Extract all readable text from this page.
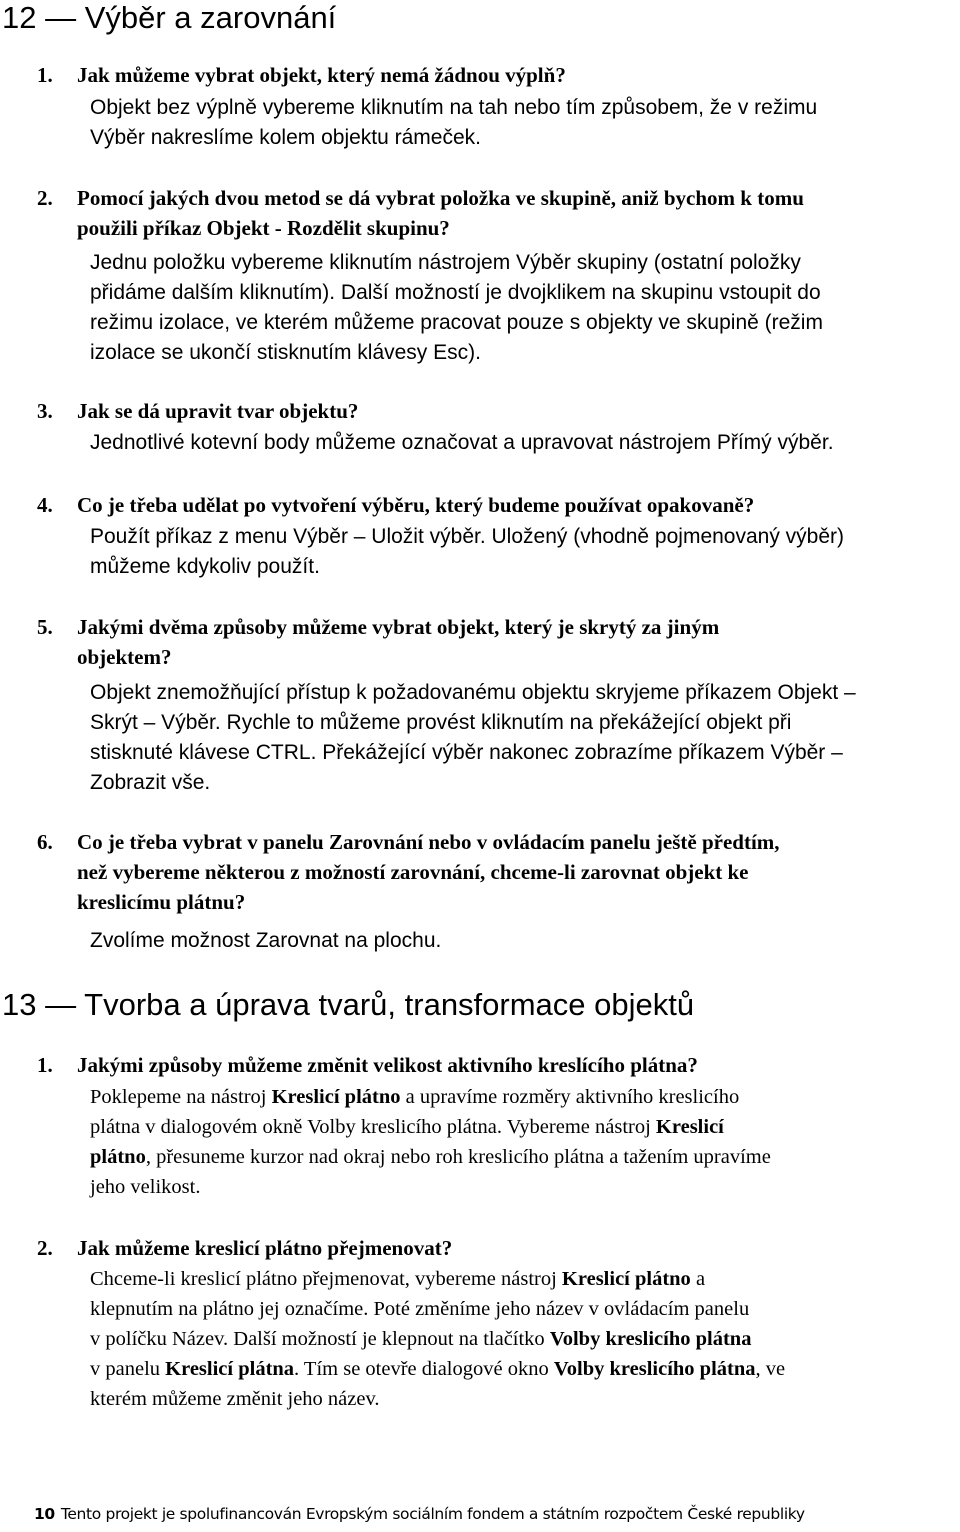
12 — Výběr a zarovnání
1. Jak můžeme vybrat objekt, který nemá žádnou výplň?
Objekt bez výplně vybereme kliknutím na tah nebo tím způsobem, že v režimu
Výběr nakreslíme kolem objektu rámeček.
2. Pomocí jakých dvou metod se dá vybrat položka ve skupině, aniž bychom k tomu
použili příkaz Objekt - Rozdělit skupinu?
Jednu položku vybereme kliknutím nástrojem Výběr skupiny (ostatní položky
přidáme dalším kliknutím). Další možností je dvojklikem na skupinu vstoupit do
režimu izolace, ve kterém můžeme pracovat pouze s objekty ve skupině (režim
izolace se ukončí stisknutím klávesy Esc).
3. Jak se dá upravit tvar objektu?
Jednotlivé kotevní body můžeme označovat a upravovat nástrojem Přímý výběr.
4. Co je třeba udělat po vytvoření výběru, který budeme používat opakovaně?
Použít příkaz z menu Výběr – Uložit výběr. Uložený (vhodně pojmenovaný výběr)
můžeme kdykoliv použít.
5. Jakými dvěma způsoby můžeme vybrat objekt, který je skrytý za jiným
objektem?
Objekt znemožňující přístup k požadovanému objektu skryjeme příkazem Objekt –
Skrýt – Výběr. Rychle to můžeme provést kliknutím na překážející objekt při
stisknuté klávese CTRL. Překážející výběr nakonec zobrazíme příkazem Výběr –
Zobrazit vše.
6. Co je třeba vybrat v panelu Zarovnání nebo v ovládacím panelu ještě předtím,
než vybereme některou z možností zarovnání, chceme-li zarovnat objekt ke
kreslicímu plátnu?
Zvolíme možnost Zarovnat na plochu.
13 — Tvorba a úprava tvarů, transformace objektů
1. Jakými způsoby můžeme změnit velikost aktivního kreslícího plátna?
Poklepeme na nástroj Kreslicí plátno a upravíme rozměry aktivního kreslicího
plátna v dialogovém okně Volby kreslicího plátna. Vybereme nástroj Kreslicí
plátno, přesuneme kurzor nad okraj nebo roh kreslicího plátna a tažením upravíme
jeho velikost.
2. Jak můžeme kreslicí plátno přejmenovat?
Chceme-li kreslicí plátno přejmenovat, vybereme nástroj Kreslicí plátno a
klepnutím na plátno jej označíme. Poté změníme jeho název v ovládacím panelu
v políčku Název. Další možností je klepnout na tlačítko Volby kreslicího plátna
v panelu Kreslicí plátna. Tím se otevře dialogové okno Volby kreslicího plátna, ve
kterém můžeme změnit jeho název.
10 Tento projekt je spolufinancován Evropským sociálním fondem a státním rozpočtem České republiky
